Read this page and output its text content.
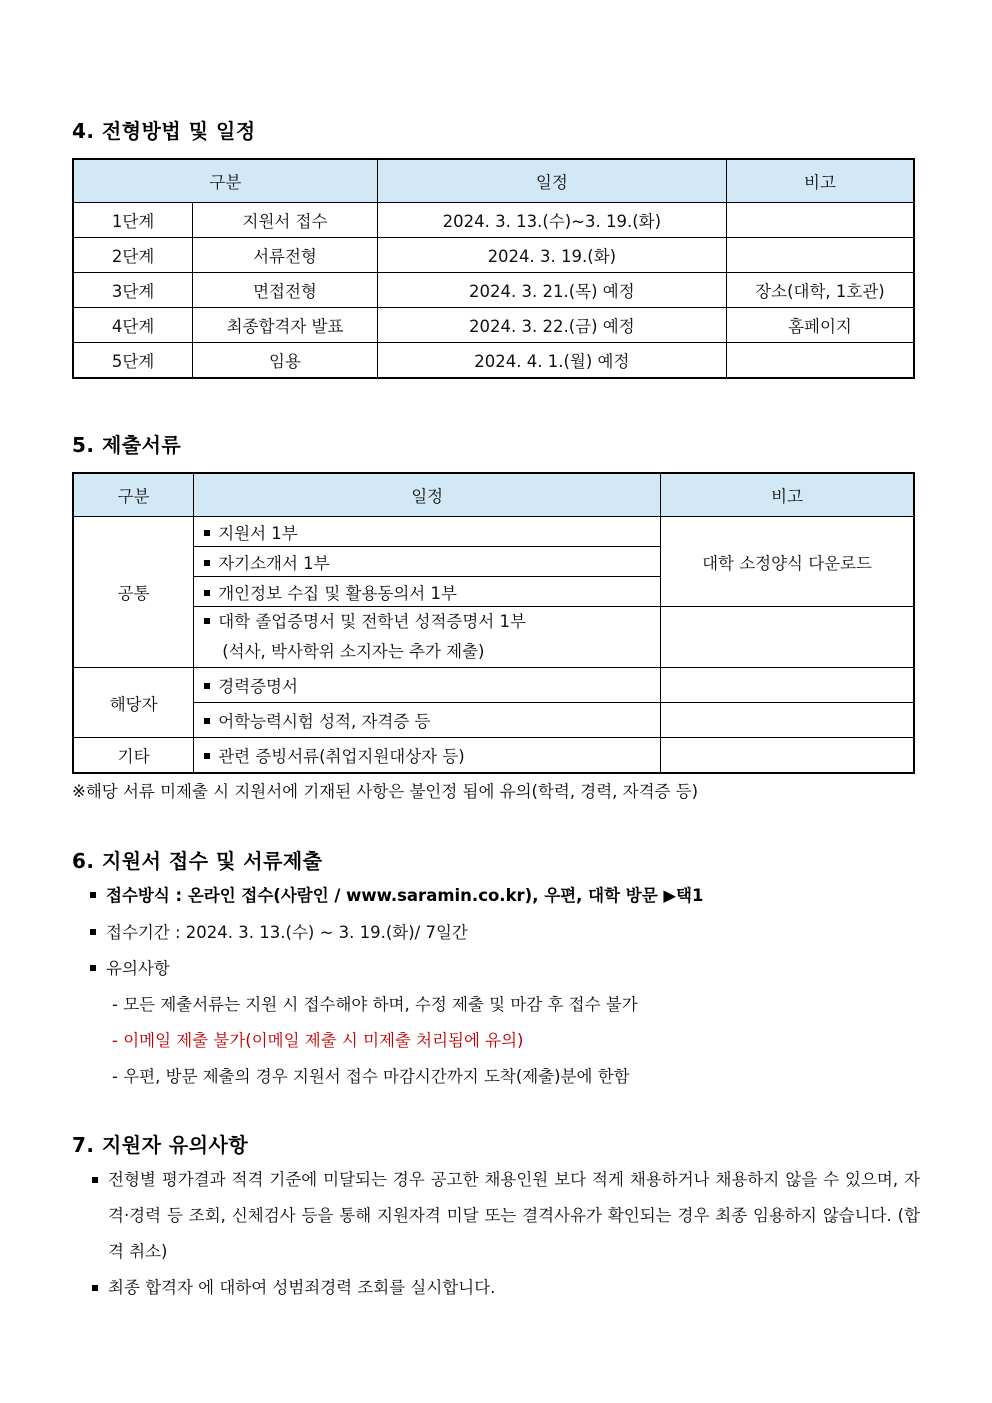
4. 전형방법 및 일정
구분		일정	비고
1단계	지원서 접수	2024. 3. 13.(수)~3. 19.(화)	
2단계	서류전형	2024. 3. 19.(화)	
3단계	면접전형	2024. 3. 21.(목) 예정	장소(대학, 1호관)
4단계	최종합격자 발표	2024. 3. 22.(금) 예정	홈페이지
5단계	임용	2024. 4. 1.(월) 예정	
5. 제출서류
구분	일정	비고
공통	지원서 1부	대학 소정양식 다운로드
	자기소개서 1부	
	개인정보 수집 및 활용동의서 1부	
	대학 졸업증명서 및 전학년 성적증명서 1부
(석사, 박사학위 소지자는 추가 제출)	
해당자	경력증명서	
	어학능력시험 성적, 자격증 등	
기타	관련 증빙서류(취업지원대상자 등)	
※해당 서류 미제출 시 지원서에 기재된 사항은 불인정 됨에 유의(학력, 경력, 자격증 등)
6. 지원서 접수 및 서류제출
접수방식 : 온라인 접수(사람인 / www.saramin.co.kr), 우편, 대학 방문 ▶택1
접수기간 : 2024. 3. 13.(수) ~ 3. 19.(화)/ 7일간
유의사항
- 모든 제출서류는 지원 시 접수해야 하며, 수정 제출 및 마감 후 접수 불가
- 이메일 제출 불가(이메일 제출 시 미제출 처리됨에 유의)
- 우편, 방문 제출의 경우 지원서 접수 마감시간까지 도착(제출)분에 한함
7. 지원자 유의사항
전형별 평가결과 적격 기준에 미달되는 경우 공고한 채용인원 보다 적게 채용하거나 채용하지 않을 수 있으며, 자격·경력 등 조회, 신체검사 등을 통해 지원자격 미달 또는 결격사유가 확인되는 경우 최종 임용하지 않습니다. (합격 취소)
최종 합격자 에 대하여 성범죄경력 조회를 실시합니다.
